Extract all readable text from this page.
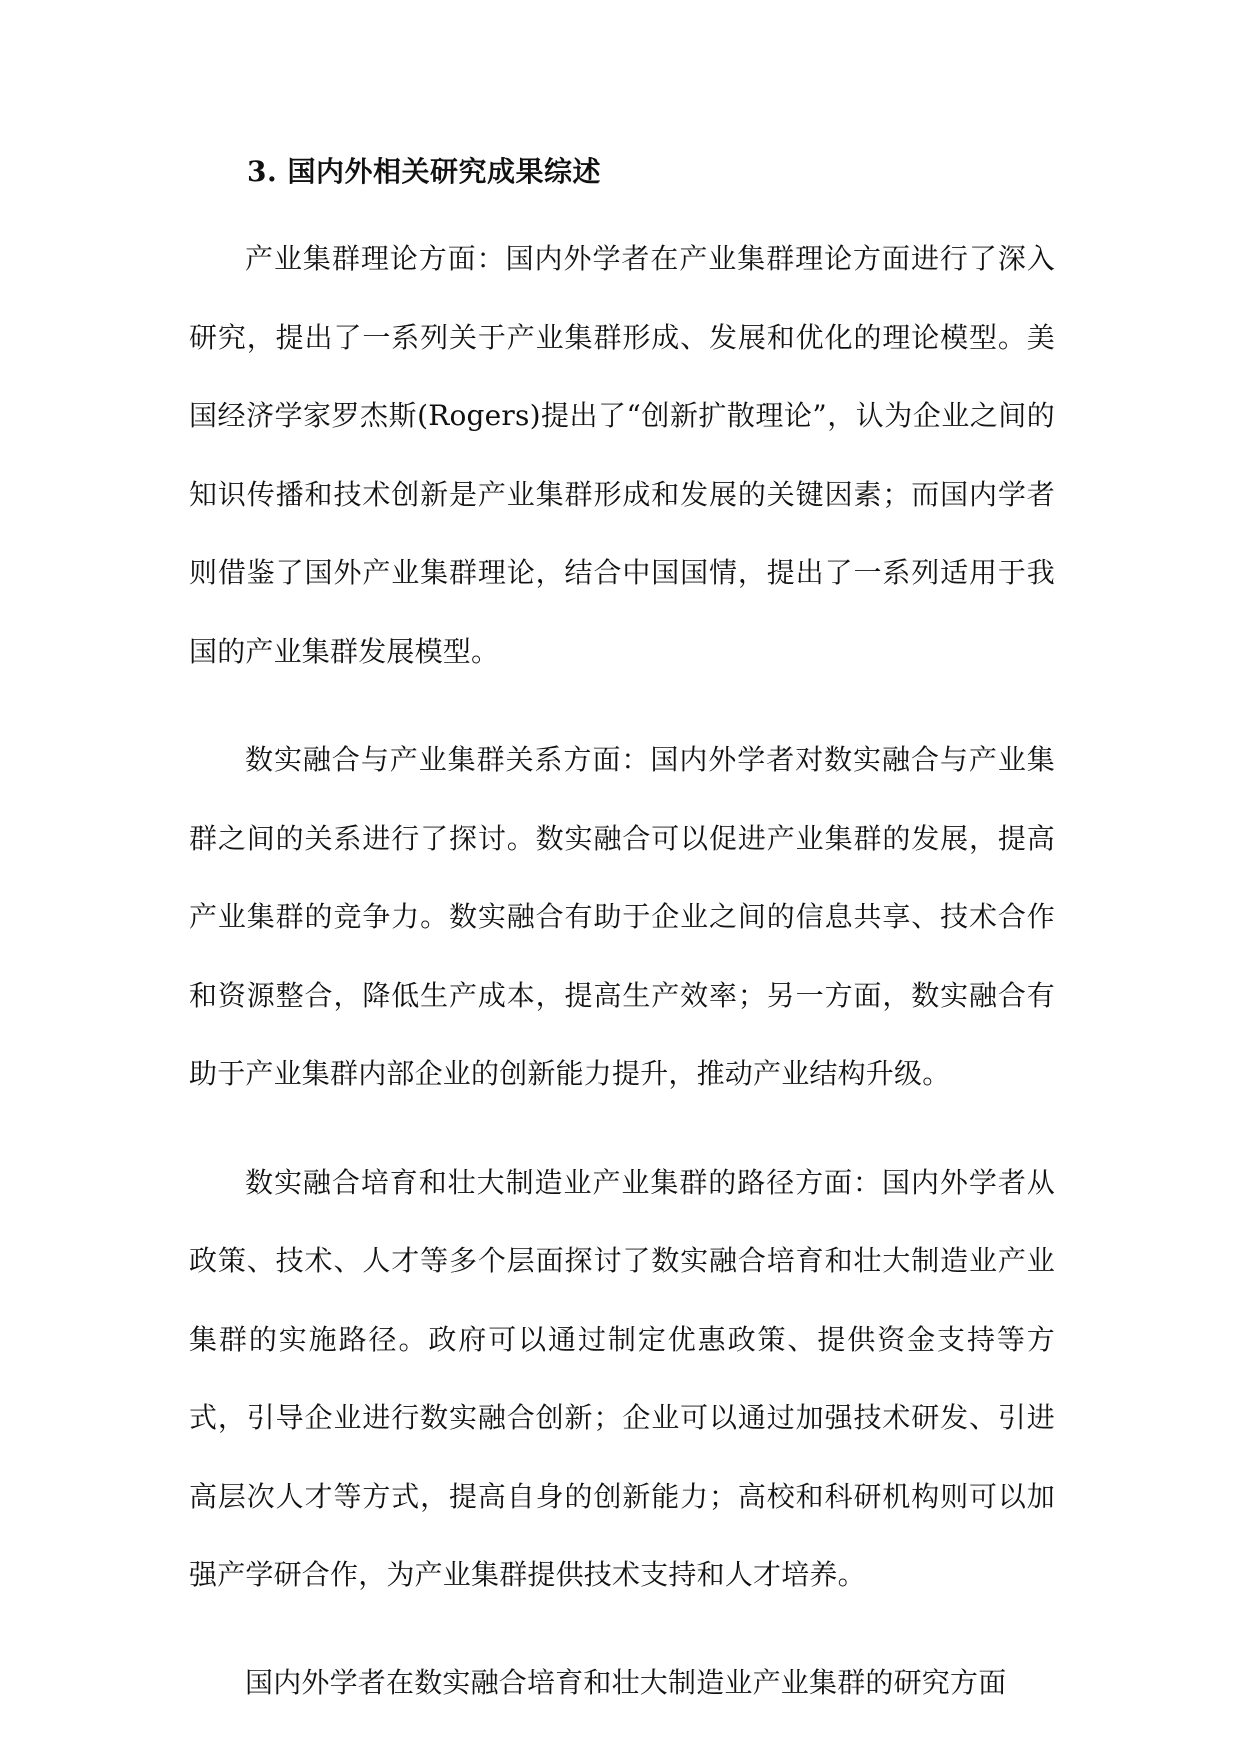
3. 国内外相关研究成果综述

产业集群理论方面：国内外学者在产业集群理论方面进行了深入研究，提出了一系列关于产业集群形成、发展和优化的理论模型。美国经济学家罗杰斯(Rogers)提出了“创新扩散理论”，认为企业之间的知识传播和技术创新是产业集群形成和发展的关键因素；而国内学者则借鉴了国外产业集群理论，结合中国国情，提出了一系列适用于我国的产业集群发展模型。

数实融合与产业集群关系方面：国内外学者对数实融合与产业集群之间的关系进行了探讨。数实融合可以促进产业集群的发展，提高产业集群的竞争力。数实融合有助于企业之间的信息共享、技术合作和资源整合，降低生产成本，提高生产效率；另一方面，数实融合有助于产业集群内部企业的创新能力提升，推动产业结构升级。

数实融合培育和壮大制造业产业集群的路径方面：国内外学者从政策、技术、人才等多个层面探讨了数实融合培育和壮大制造业产业集群的实施路径。政府可以通过制定优惠政策、提供资金支持等方式，引导企业进行数实融合创新；企业可以通过加强技术研发、引进高层次人才等方式，提高自身的创新能力；高校和科研机构则可以加强产学研合作，为产业集群提供技术支持和人才培养。

国内外学者在数实融合培育和壮大制造业产业集群的研究方面
